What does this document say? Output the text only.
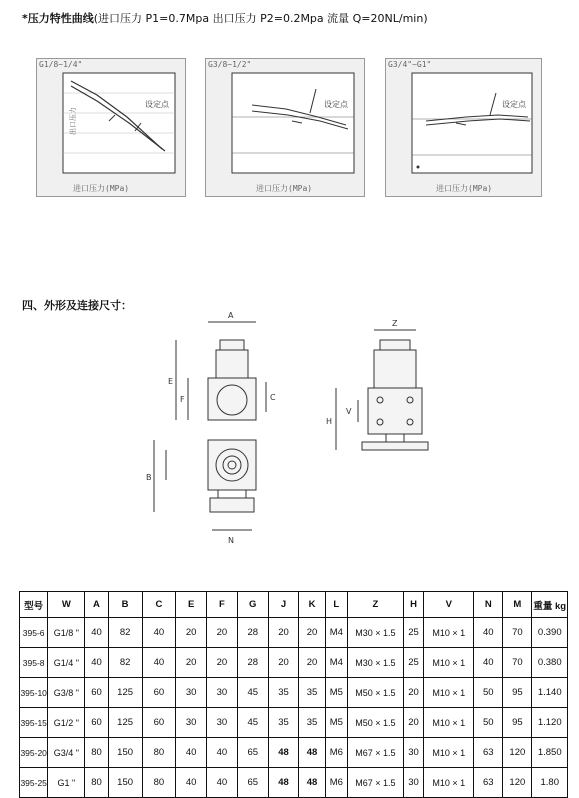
*压力特性曲线(进口压力 P1=0.7Mpa 出口压力 P2=0.2Mpa 流量 Q=20NL/min)
G1/8~1/4"
出口压力
设定点
进口压力(MPa)
G3/8~1/2"
设定点
进口压力(MPa)
G3/4"~G1"
设定点
进口压力(MPa)
四、外形及连接尺寸：
A
E
F	C
B
N
Z
V
H
型号	W	A	B	C	E	F	G	J	K	L	Z	H	V	N	M	重量 kg
395-6	G1/8 "	40	82	40	20	20	28	20	20	M4	M30 × 1.5	25	M10 × 1	40	70	0.390
395-8	G1/4 "	40	82	40	20	20	28	20	20	M4	M30 × 1.5	25	M10 × 1	40	70	0.380
395-10	G3/8 "	60	125	60	30	30	45	35	35	M5	M50 × 1.5	20	M10 × 1	50	95	1.140
395-15	G1/2 "	60	125	60	30	30	45	35	35	M5	M50 × 1.5	20	M10 × 1	50	95	1.120
395-20	G3/4 "	80	150	80	40	40	65	48	48	M6	M67 × 1.5	30	M10 × 1	63	120	1.850
395-25	G1 "	80	150	80	40	40	65	48	48	M6	M67 × 1.5	30	M10 × 1	63	120	1.80
